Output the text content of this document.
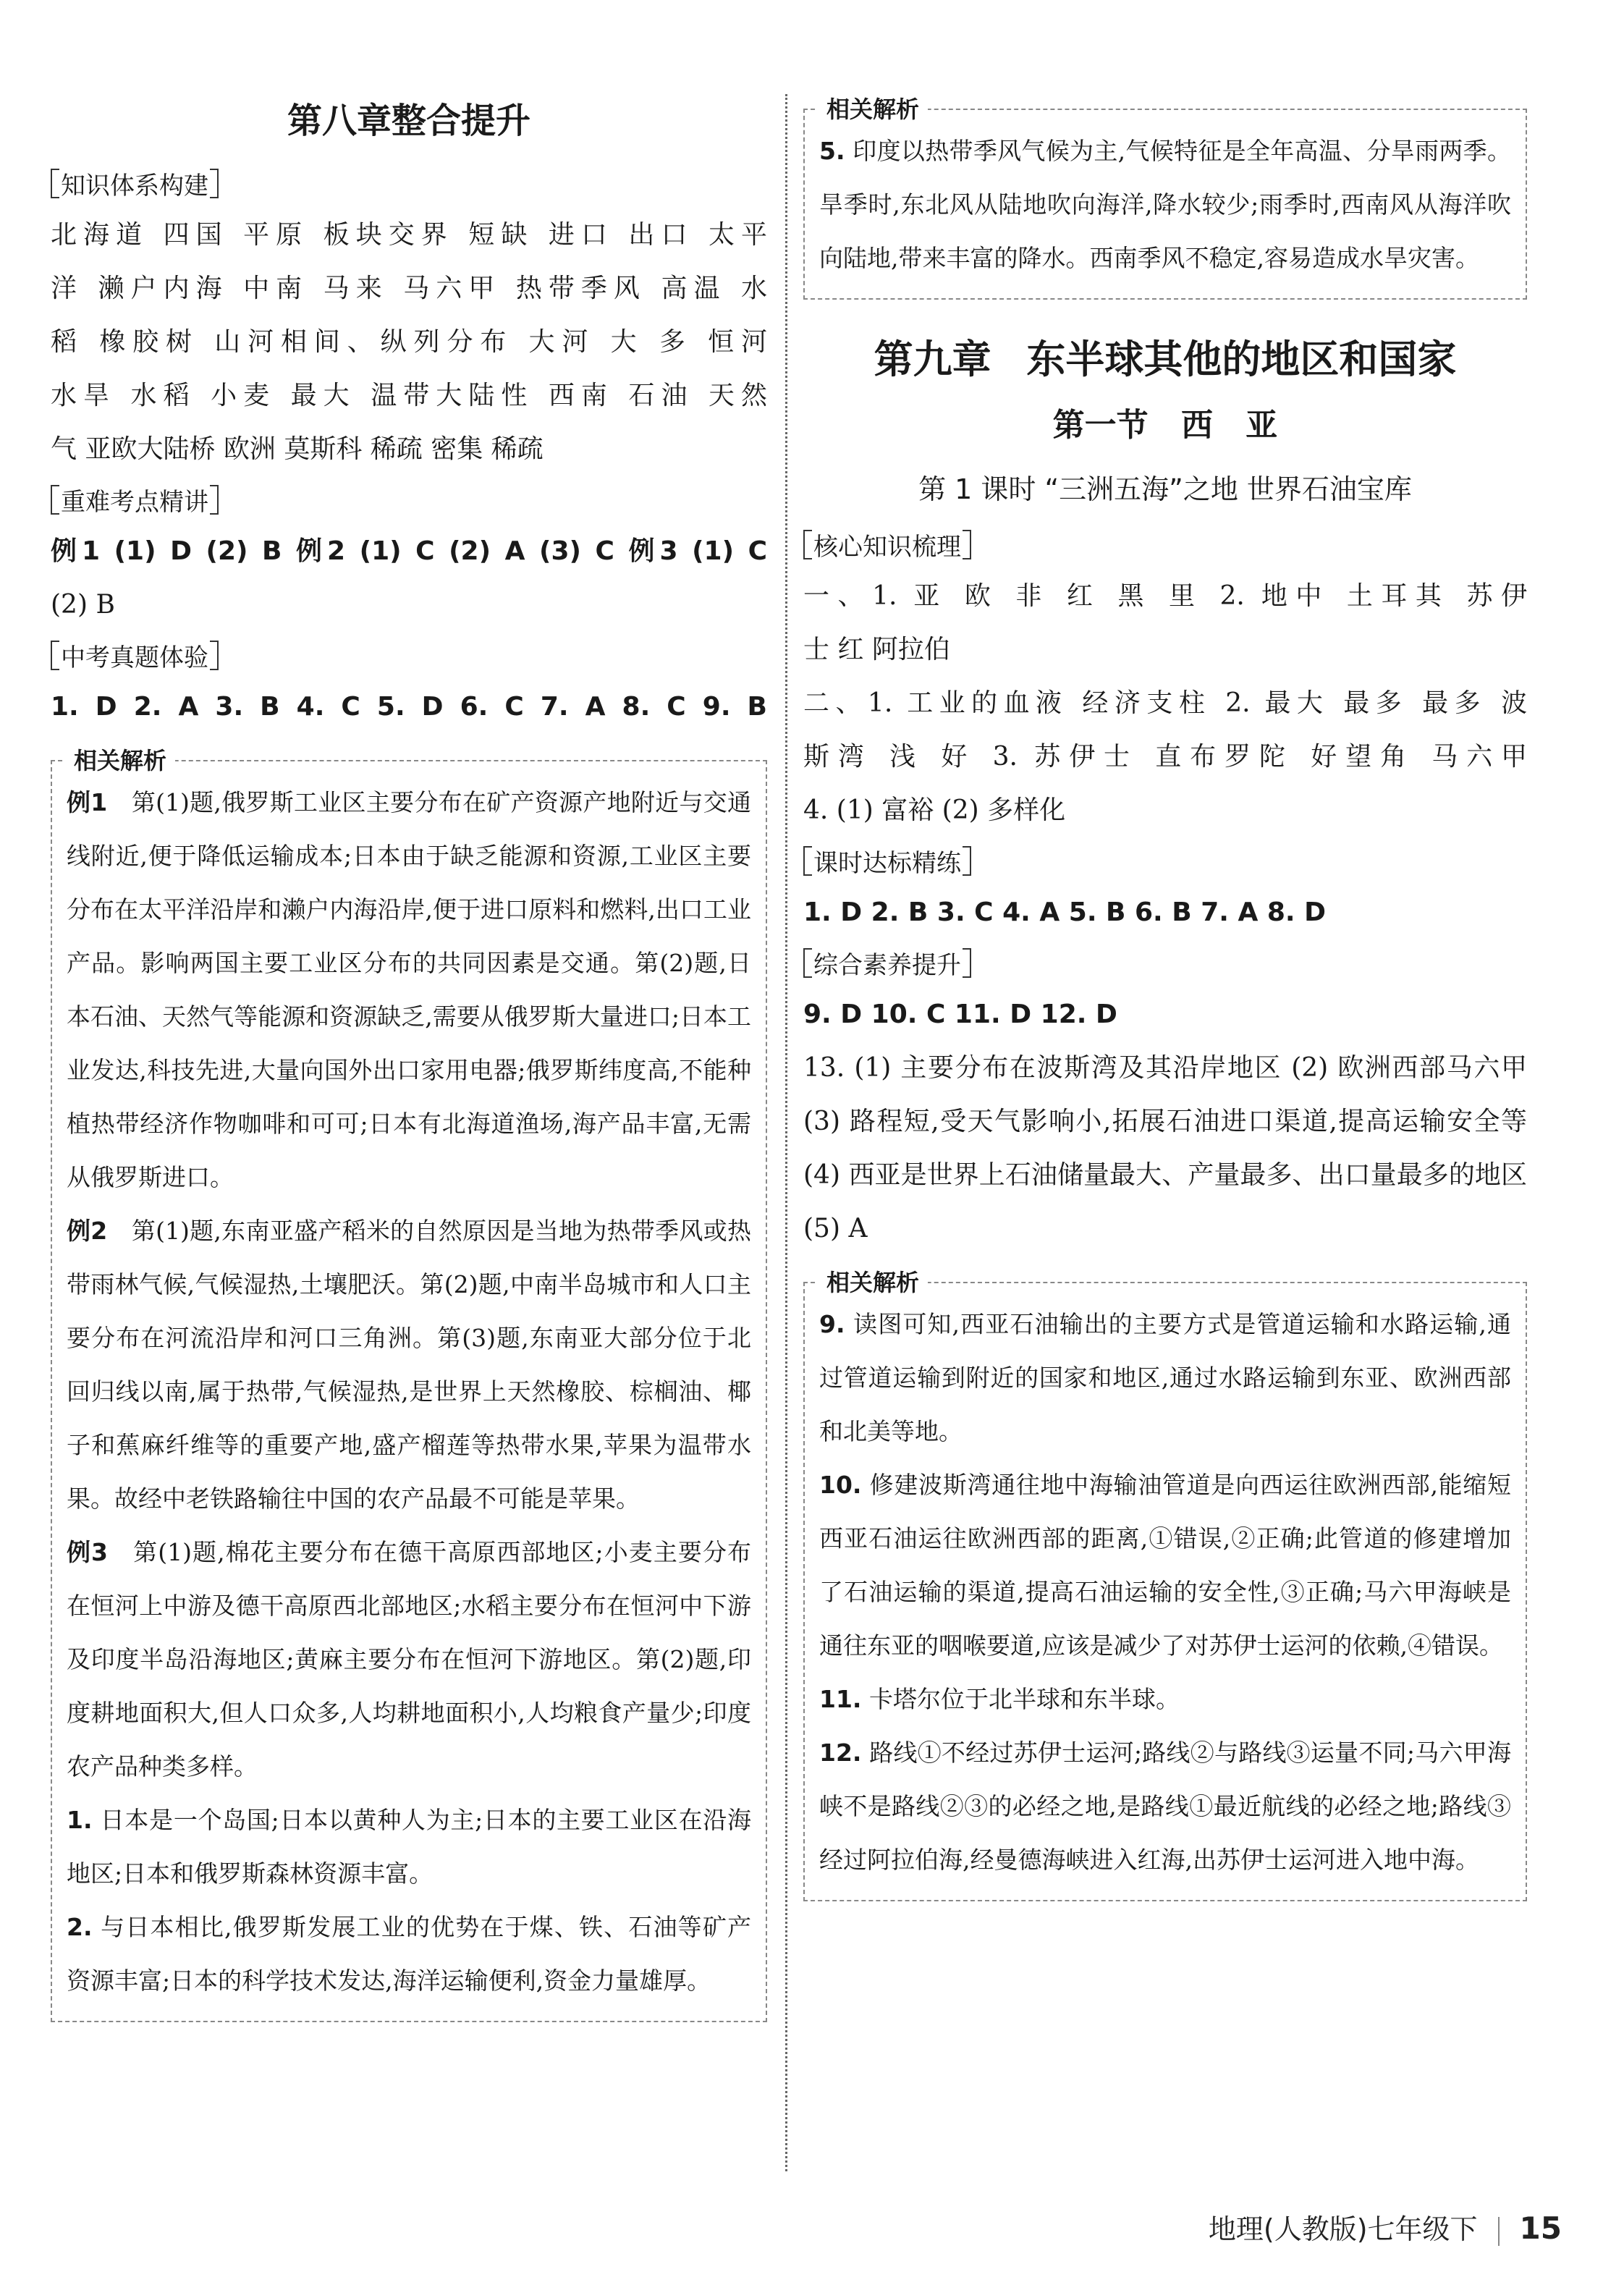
第八章整合提升
知识体系构建

北海道 四国 平原 板块交界 短缺 进口 出口 太平

洋 濑户内海 中南 马来 马六甲 热带季风 高温 水

稻 橡胶树 山河相间、纵列分布 大河 大 多 恒河

水旱 水稻 小麦 最大 温带大陆性 西南 石油 天然

气 亚欧大陆桥 欧洲 莫斯科 稀疏 密集 稀疏

重难考点精讲

例1 (1) D (2) B 例2 (1) C (2) A (3) C 例3 (1) C

(2) B

中考真题体验

1. D 2. A 3. B 4. C 5. D 6. C 7. A 8. C 9. B

相关解析

例1　 第(1)题,俄罗斯工业区主要分布在矿产资源产地附近与交通线附近,便于降低运输成本;日本由于缺乏能源和资源,工业区主要分布在太平洋沿岸和濑户内海沿岸,便于进口原料和燃料,出口工业产品。影响两国主要工业区分布的共同因素是交通。第(2)题,日本石油、天然气等能源和资源缺乏,需要从俄罗斯大量进口;日本工业发达,科技先进,大量向国外出口家用电器;俄罗斯纬度高,不能种植热带经济作物咖啡和可可;日本有北海道渔场,海产品丰富,无需从俄罗斯进口。

例2　 第(1)题,东南亚盛产稻米的自然原因是当地为热带季风或热带雨林气候,气候湿热,土壤肥沃。第(2)题,中南半岛城市和人口主要分布在河流沿岸和河口三角洲。第(3)题,东南亚大部分位于北回归线以南,属于热带,气候湿热,是世界上天然橡胶、棕榈油、椰子和蕉麻纤维等的重要产地,盛产榴莲等热带水果,苹果为温带水果。故经中老铁路输往中国的农产品最不可能是苹果。

例3　 第(1)题,棉花主要分布在德干高原西部地区;小麦主要分布在恒河上中游及德干高原西北部地区;水稻主要分布在恒河中下游及印度半岛沿海地区;黄麻主要分布在恒河下游地区。第(2)题,印度耕地面积大,但人口众多,人均耕地面积小,人均粮食产量少;印度农产品种类多样。

1. 日本是一个岛国;日本以黄种人为主;日本的主要工业区在沿海地区;日本和俄罗斯森林资源丰富。

2. 与日本相比,俄罗斯发展工业的优势在于煤、铁、石油等矿产资源丰富;日本的科学技术发达,海洋运输便利,资金力量雄厚。

相关解析

5. 印度以热带季风气候为主,气候特征是全年高温、分旱雨两季。旱季时,东北风从陆地吹向海洋,降水较少;雨季时,西南风从海洋吹向陆地,带来丰富的降水。西南季风不稳定,容易造成水旱灾害。

第九章 东半球其他的地区和国家
第一节 西 亚
第 1 课时 “三洲五海”之地 世界石油宝库
核心知识梳理

一、1. 亚 欧 非 红 黑 里 2. 地中 土耳其 苏伊

士 红 阿拉伯

二、1. 工业的血液 经济支柱 2. 最大 最多 最多 波

斯湾 浅 好 3. 苏伊士 直布罗陀 好望角 马六甲

4. (1) 富裕 (2) 多样化

课时达标精练

1. D 2. B 3. C 4. A 5. B 6. B 7. A 8. D

综合素养提升

9. D 10. C 11. D 12. D

13. (1) 主要分布在波斯湾及其沿岸地区 (2) 欧洲西部马六甲 (3) 路程短,受天气影响小,拓展石油进口渠道,提高运输安全等 (4) 西亚是世界上石油储量最大、产量最多、出口量最多的地区 (5) A

相关解析

9. 读图可知,西亚石油输出的主要方式是管道运输和水路运输,通过管道运输到附近的国家和地区,通过水路运输到东亚、欧洲西部和北美等地。

10. 修建波斯湾通往地中海输油管道是向西运往欧洲西部,能缩短西亚石油运往欧洲西部的距离,①错误,②正确;此管道的修建增加了石油运输的渠道,提高石油运输的安全性,③正确;马六甲海峡是通往东亚的咽喉要道,应该是减少了对苏伊士运河的依赖,④错误。

11. 卡塔尔位于北半球和东半球。

12. 路线①不经过苏伊士运河;路线②与路线③运量不同;马六甲海峡不是路线②③的必经之地,是路线①最近航线的必经之地;路线③经过阿拉伯海,经曼德海峡进入红海,出苏伊士运河进入地中海。

地理(人教版)七年级下 15
